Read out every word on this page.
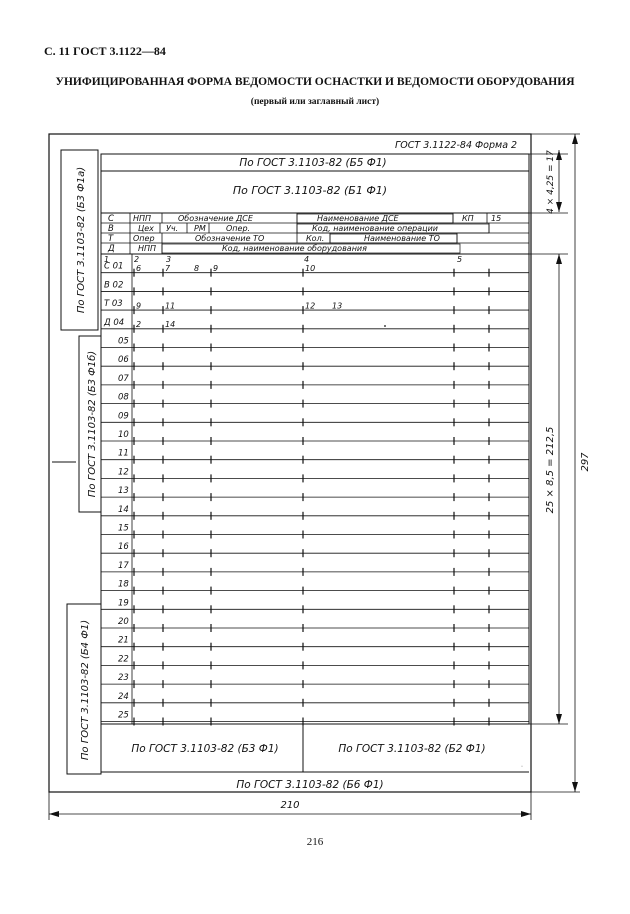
С. 11 ГОСТ 3.1122—84
УНИФИЦИРОВАННАЯ ФОРМА ВЕДОМОСТИ ОСНАСТКИ И ВЕДОМОСТИ ОБОРУДОВАНИЯ
(первый или заглавный лист)
216
ГОСТ 3.1122-84 Форма 2
По ГОСТ 3.1103-82 (Б5 Ф1)
По ГОСТ 3.1103-82 (Б1 Ф1)
С НПП	Обозначение ДСЕ	Наименование ДСЕ	КП 15
В	Цех Уч. РМ	Опер.	Код, наименование операции
Т Опер	Обозначение ТО	Кол.	Наименование ТО
Д	НПП	Код, наименование оборудования
1	2	3	4	5
С 01 6	7	8 9	10
В 02
Т 03 9	11	12 13
Д 04 2	14
05
06
07
08
09
10
11
12
13
14
15
16
17
18
19
20
21
22
23
24
25
По ГОСТ 3.1103-82 (Б3 Ф1а)
По ГОСТ 3.1103-82 (Б3 Ф1б)
По ГОСТ 3.1103-82 (Б4 Ф1)	По ГОСТ 3.1103-82 (Б3 Ф1)	По ГОСТ 3.1103-82 (Б2 Ф1)
По ГОСТ 3.1103-82 (Б6 Ф1)
·
4 × 4,25 = 17
25 × 8,5 = 212,5 297
210
